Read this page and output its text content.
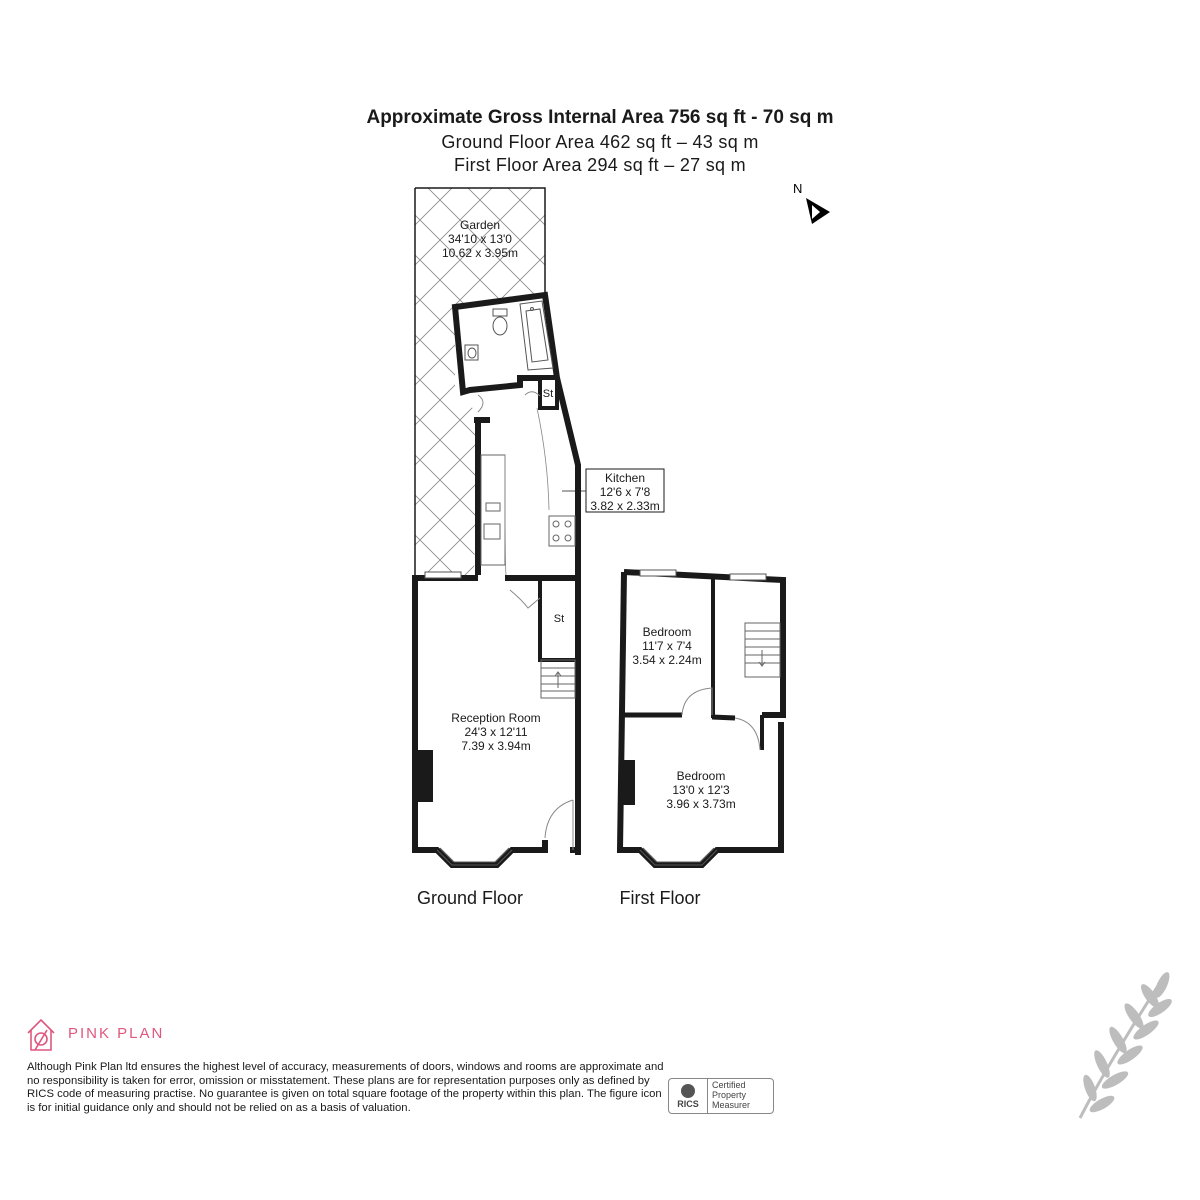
Approximate Gross Internal Area 756 sq ft - 70 sq m
Ground Floor Area 462 sq ft – 43 sq m
First Floor Area 294 sq ft – 27 sq m
N
Kitchen
12'6 x 7'8
3.82 x 2.33m
St
St
Reception Room
24'3 x 12'11
7.39 x 3.94m
Garden
34'10 x 13'0
10.62 x 3.95m
Ground Floor
Bedroom
11'7 x 7'4
3.54 x 2.24m
Bedroom
13'0 x 12'3
3.96 x 3.73m
First Floor
PINK PLAN
Although Pink Plan ltd ensures the highest level of accuracy, measurements of doors, windows and rooms are approximate and no responsibility is taken for error, omission or misstatement. These plans are for representation purposes only as defined by RICS code of measuring practise. No guarantee is given on total square footage of the property within this plan. The figure icon is for initial guidance only and should not be relied on as a basis of valuation.	RICS
Certified
Property
Measurer
